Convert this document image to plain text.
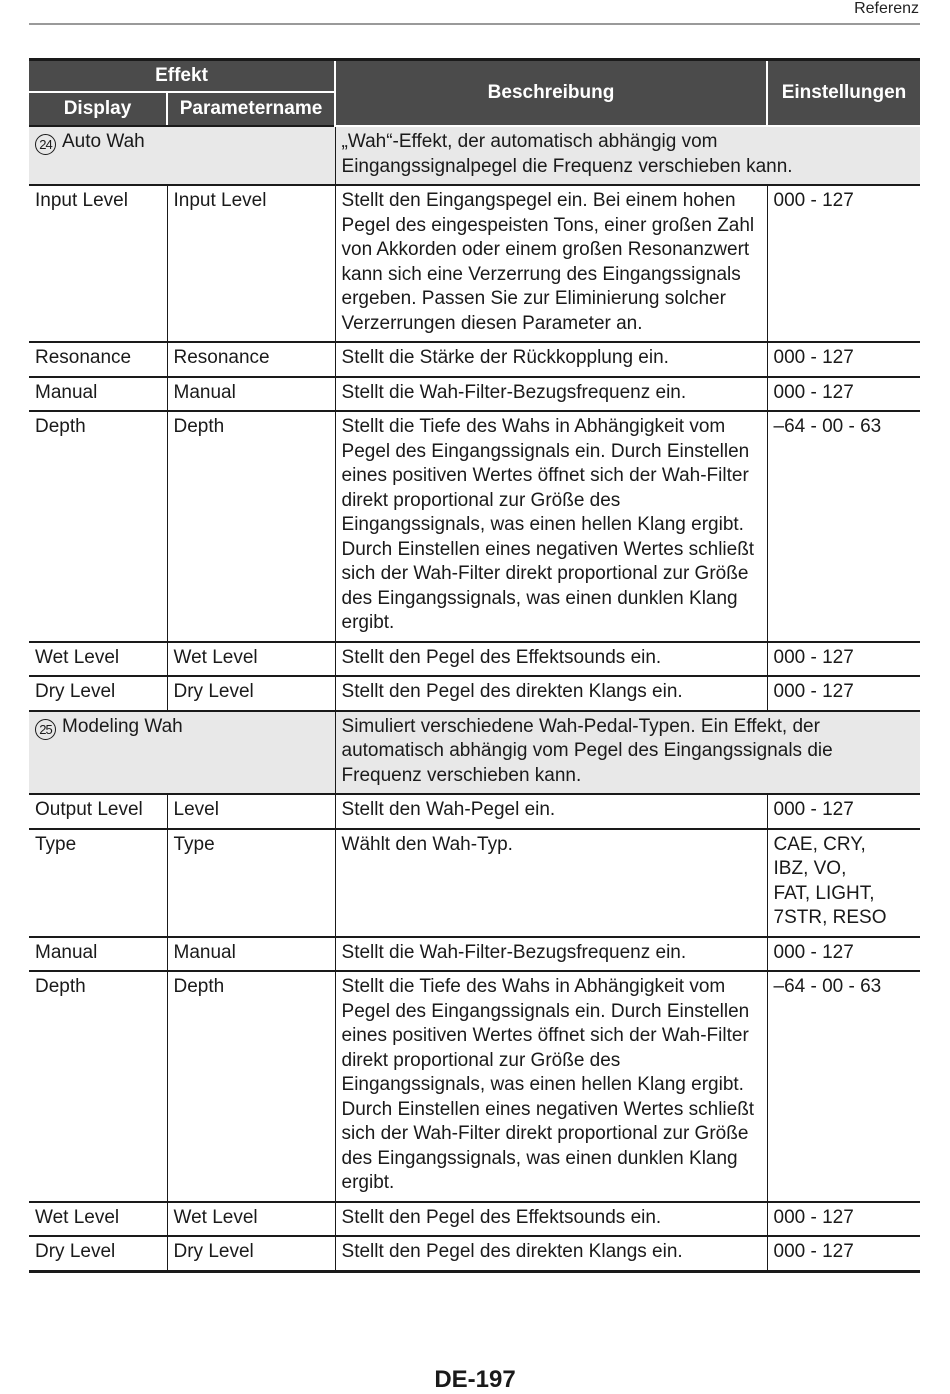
Referenz
Effekt		Beschreibung	Einstellungen
Display	Parametername		
24 Auto Wah		„Wah“-Effekt, der automatisch abhängig vom
Eingangssignalpegel die Frequenz verschieben kann.	
Input Level	Input Level	Stellt den Eingangspegel ein. Bei einem hohen Pegel des eingespeisten Tons, einer großen Zahl von Akkorden oder einem großen Resonanzwert kann sich eine Verzerrung des Eingangssignals ergeben. Passen Sie zur Eliminierung solcher Verzerrungen diesen Parameter an.	000 - 127
Resonance	Resonance	Stellt die Stärke der Rückkopplung ein.	000 - 127
Manual	Manual	Stellt die Wah-Filter-Bezugsfrequenz ein.	000 - 127
Depth	Depth	Stellt die Tiefe des Wahs in Abhängigkeit vom Pegel des Eingangssignals ein. Durch Einstellen eines positiven Wertes öffnet sich der Wah-Filter direkt proportional zur Größe des Eingangssignals, was einen hellen Klang ergibt. Durch Einstellen eines negativen Wertes schließt sich der Wah-Filter direkt proportional zur Größe des Eingangssignals, was einen dunklen Klang ergibt.	–64 - 00 - 63
Wet Level	Wet Level	Stellt den Pegel des Effektsounds ein.	000 - 127
Dry Level	Dry Level	Stellt den Pegel des direkten Klangs ein.	000 - 127
25 Modeling Wah		Simuliert verschiedene Wah-Pedal-Typen. Ein Effekt, der
automatisch abhängig vom Pegel des Eingangssignals die
Frequenz verschieben kann.	
Output Level	Level	Stellt den Wah-Pegel ein.	000 - 127
Type	Type	Wählt den Wah-Typ.	CAE, CRY,
IBZ, VO,
FAT, LIGHT,
7STR, RESO
Manual	Manual	Stellt die Wah-Filter-Bezugsfrequenz ein.	000 - 127
Depth	Depth	Stellt die Tiefe des Wahs in Abhängigkeit vom Pegel des Eingangssignals ein. Durch Einstellen eines positiven Wertes öffnet sich der Wah-Filter direkt proportional zur Größe des Eingangssignals, was einen hellen Klang ergibt. Durch Einstellen eines negativen Wertes schließt sich der Wah-Filter direkt proportional zur Größe des Eingangssignals, was einen dunklen Klang ergibt.	–64 - 00 - 63
Wet Level	Wet Level	Stellt den Pegel des Effektsounds ein.	000 - 127
Dry Level	Dry Level	Stellt den Pegel des direkten Klangs ein.	000 - 127
DE-197
